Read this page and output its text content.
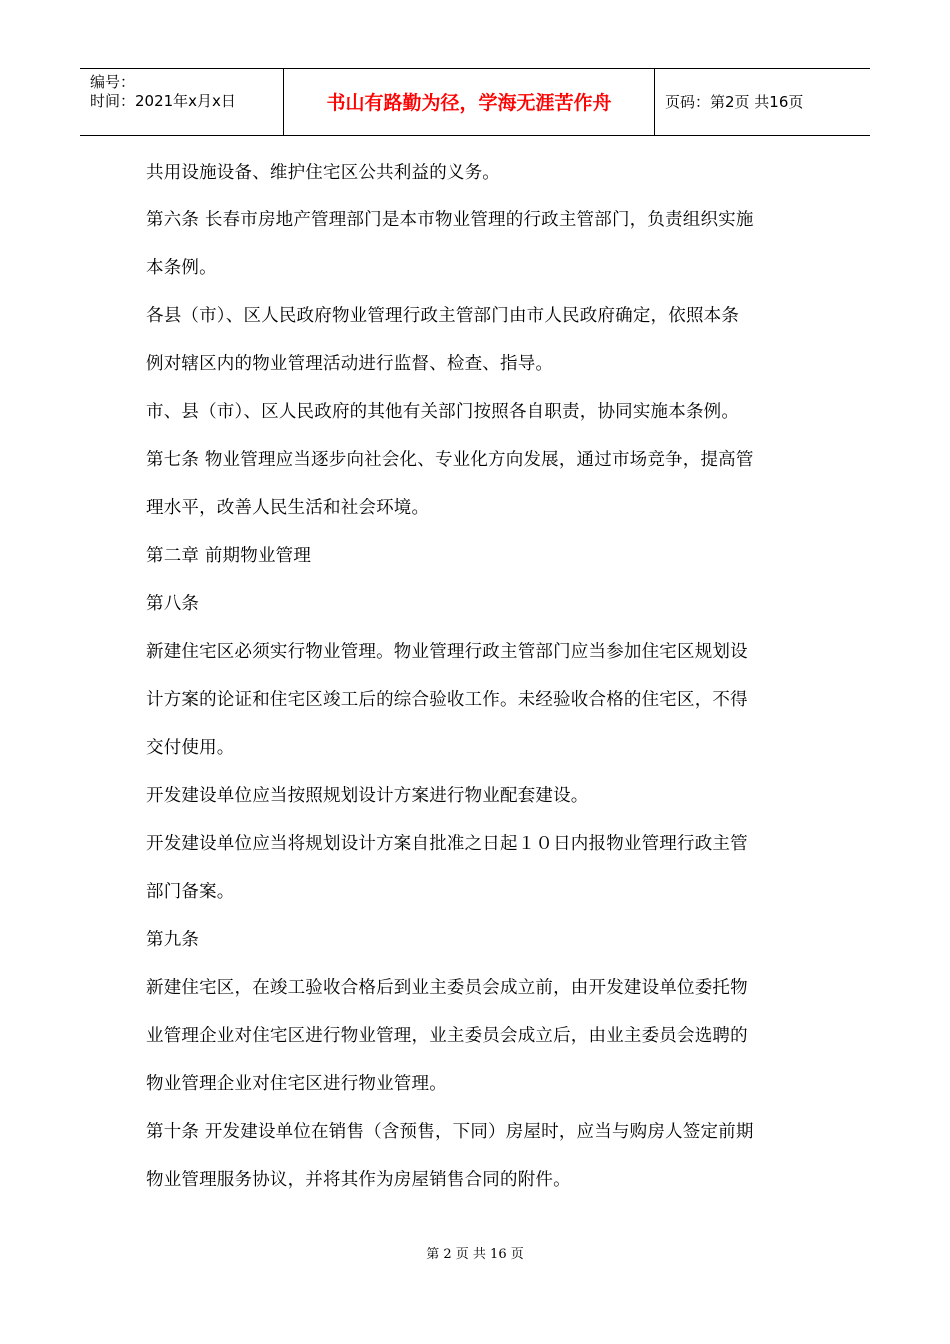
编号：
时间：2021年x月x日	书山有路勤为径，学海无涯苦作舟	页码：第2页 共16页
共用设施设备、维护住宅区公共利益的义务。
第六条 长春市房地产管理部门是本市物业管理的行政主管部门，负责组织实施
本条例。
各县（市）、区人民政府物业管理行政主管部门由市人民政府确定，依照本条
例对辖区内的物业管理活动进行监督、检查、指导。
市、县（市）、区人民政府的其他有关部门按照各自职责，协同实施本条例。
第七条 物业管理应当逐步向社会化、专业化方向发展，通过市场竞争，提高管
理水平，改善人民生活和社会环境。
第二章 前期物业管理
第八条
新建住宅区必须实行物业管理。物业管理行政主管部门应当参加住宅区规划设
计方案的论证和住宅区竣工后的综合验收工作。未经验收合格的住宅区，不得
交付使用。
开发建设单位应当按照规划设计方案进行物业配套建设。
开发建设单位应当将规划设计方案自批准之日起１０日内报物业管理行政主管
部门备案。
第九条
新建住宅区，在竣工验收合格后到业主委员会成立前，由开发建设单位委托物
业管理企业对住宅区进行物业管理，业主委员会成立后，由业主委员会选聘的
物业管理企业对住宅区进行物业管理。
第十条 开发建设单位在销售（含预售，下同）房屋时，应当与购房人签定前期
物业管理服务协议，并将其作为房屋销售合同的附件。
第 2 页 共 16 页
